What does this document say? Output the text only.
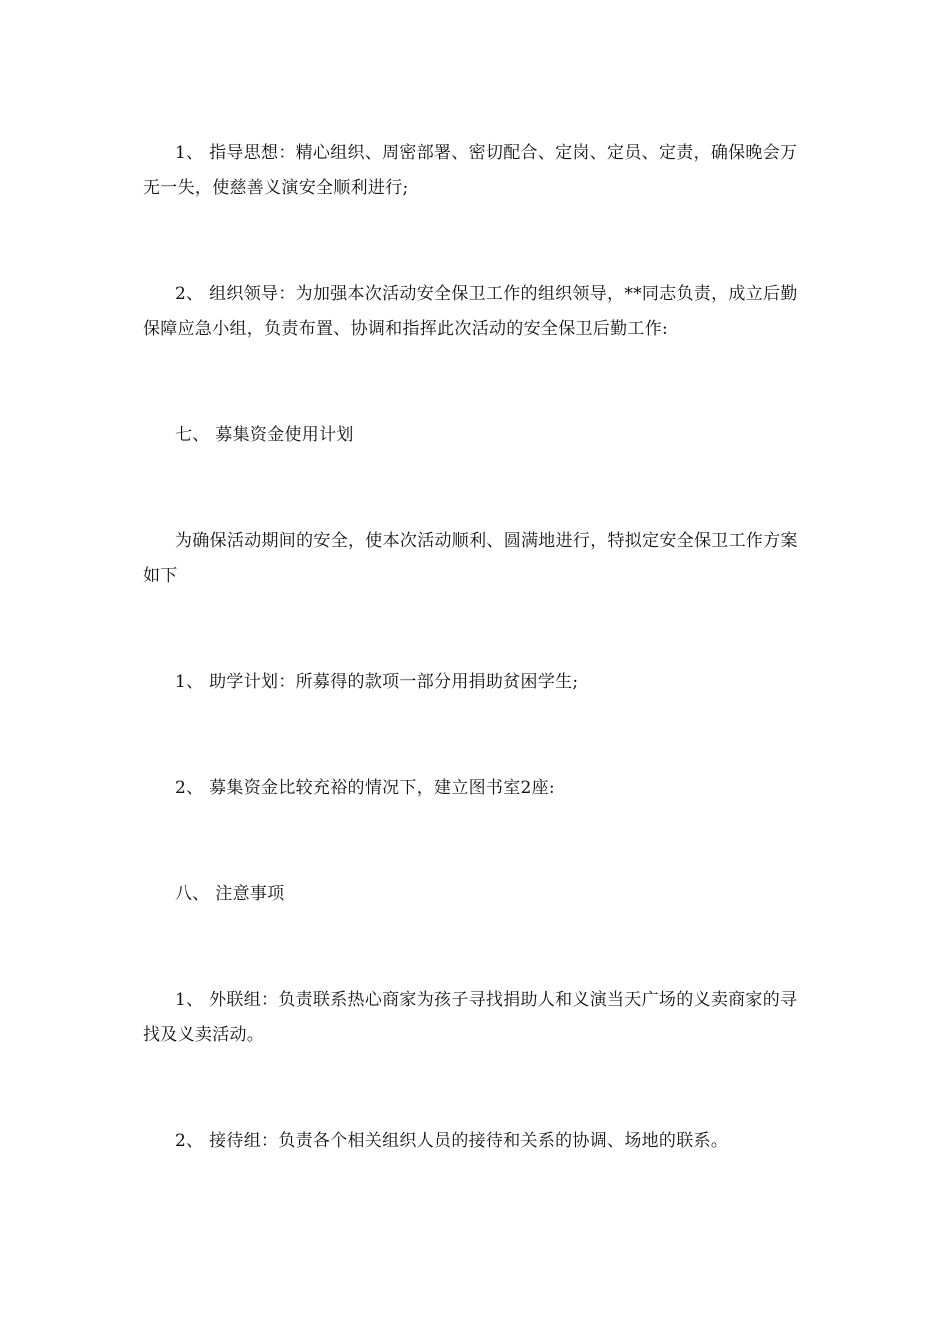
1、 指导思想：精心组织、周密部署、密切配合、定岗、定员、定责，确保晚会万无一失，使慈善义演安全顺利进行;

2、 组织领导：为加强本次活动安全保卫工作的组织领导，**同志负责，成立后勤保障应急小组，负责布置、协调和指挥此次活动的安全保卫后勤工作:

七、 募集资金使用计划

为确保活动期间的安全，使本次活动顺利、圆满地进行，特拟定安全保卫工作方案如下

1、 助学计划：所募得的款项一部分用捐助贫困学生;

2、 募集资金比较充裕的情况下，建立图书室2座:

八、 注意事项

1、 外联组：负责联系热心商家为孩子寻找捐助人和义演当天广场的义卖商家的寻找及义卖活动。

2、 接待组：负责各个相关组织人员的接待和关系的协调、场地的联系。
